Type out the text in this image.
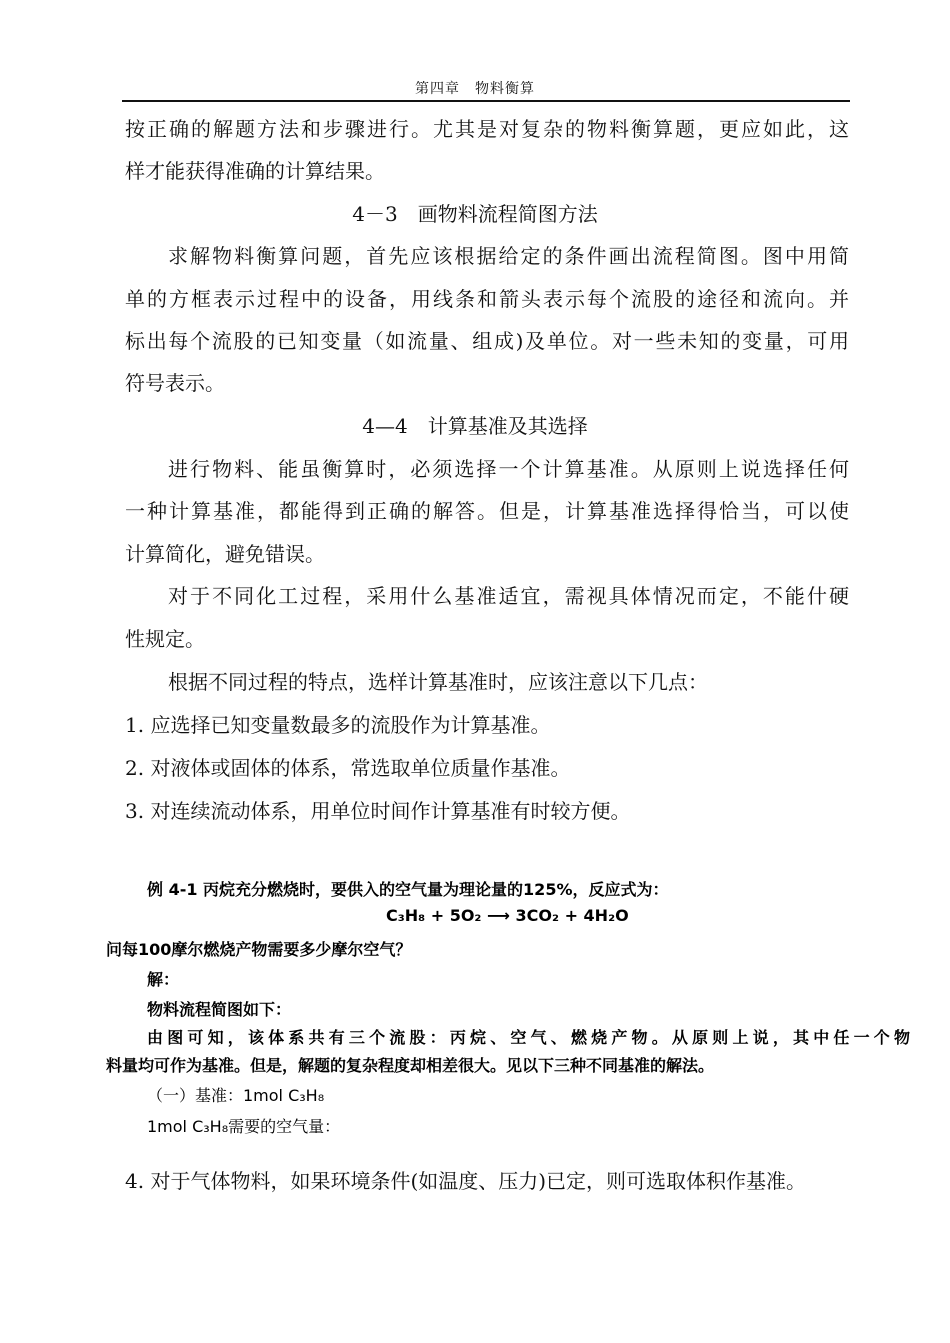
第四章　物料衡算
按正确的解题方法和步骤进行。尤其是对复杂的物料衡算题，更应如此，这
样才能获得准确的计算结果。
4－3　画物料流程简图方法
求解物料衡算问题，首先应该根据给定的条件画出流程简图。图中用简
单的方框表示过程中的设备，用线条和箭头表示每个流股的途径和流向。并
标出每个流股的已知变量（如流量、组成)及单位。对一些未知的变量，可用
符号表示。
4—4　计算基准及其选择
进行物料、能虽衡算时，必须选择一个计算基准。从原则上说选择任何
一种计算基准，都能得到正确的解答。但是，计算基准选择得恰当，可以使
计算简化，避免错误。
对于不同化工过程，采用什么基准适宜，需视具体情况而定，不能什硬
性规定。
根据不同过程的特点，选样计算基准时，应该注意以下几点：
1. 应选择已知变量数最多的流股作为计算基准。
2. 对液体或固体的体系，常选取单位质量作基准。
3. 对连续流动体系，用单位时间作计算基准有时较方便。
例 4-1 丙烷充分燃烧时，要供入的空气量为理论量的125%，反应式为：
C₃H₈ + 5O₂ ⟶ 3CO₂ + 4H₂O
问每100摩尔燃烧产物需要多少摩尔空气？
解：
物料流程简图如下：
由图可知，该体系共有三个流股：丙烷、空气、燃烧产物。从原则上说，其中任一个物
料量均可作为基准。但是，解题的复杂程度却相差很大。见以下三种不同基准的解法。
（一）基准：1mol C₃H₈
1mol C₃H₈需要的空气量：
4. 对于气体物料，如果环境条件(如温度、压力)已定，则可选取体积作基准。
